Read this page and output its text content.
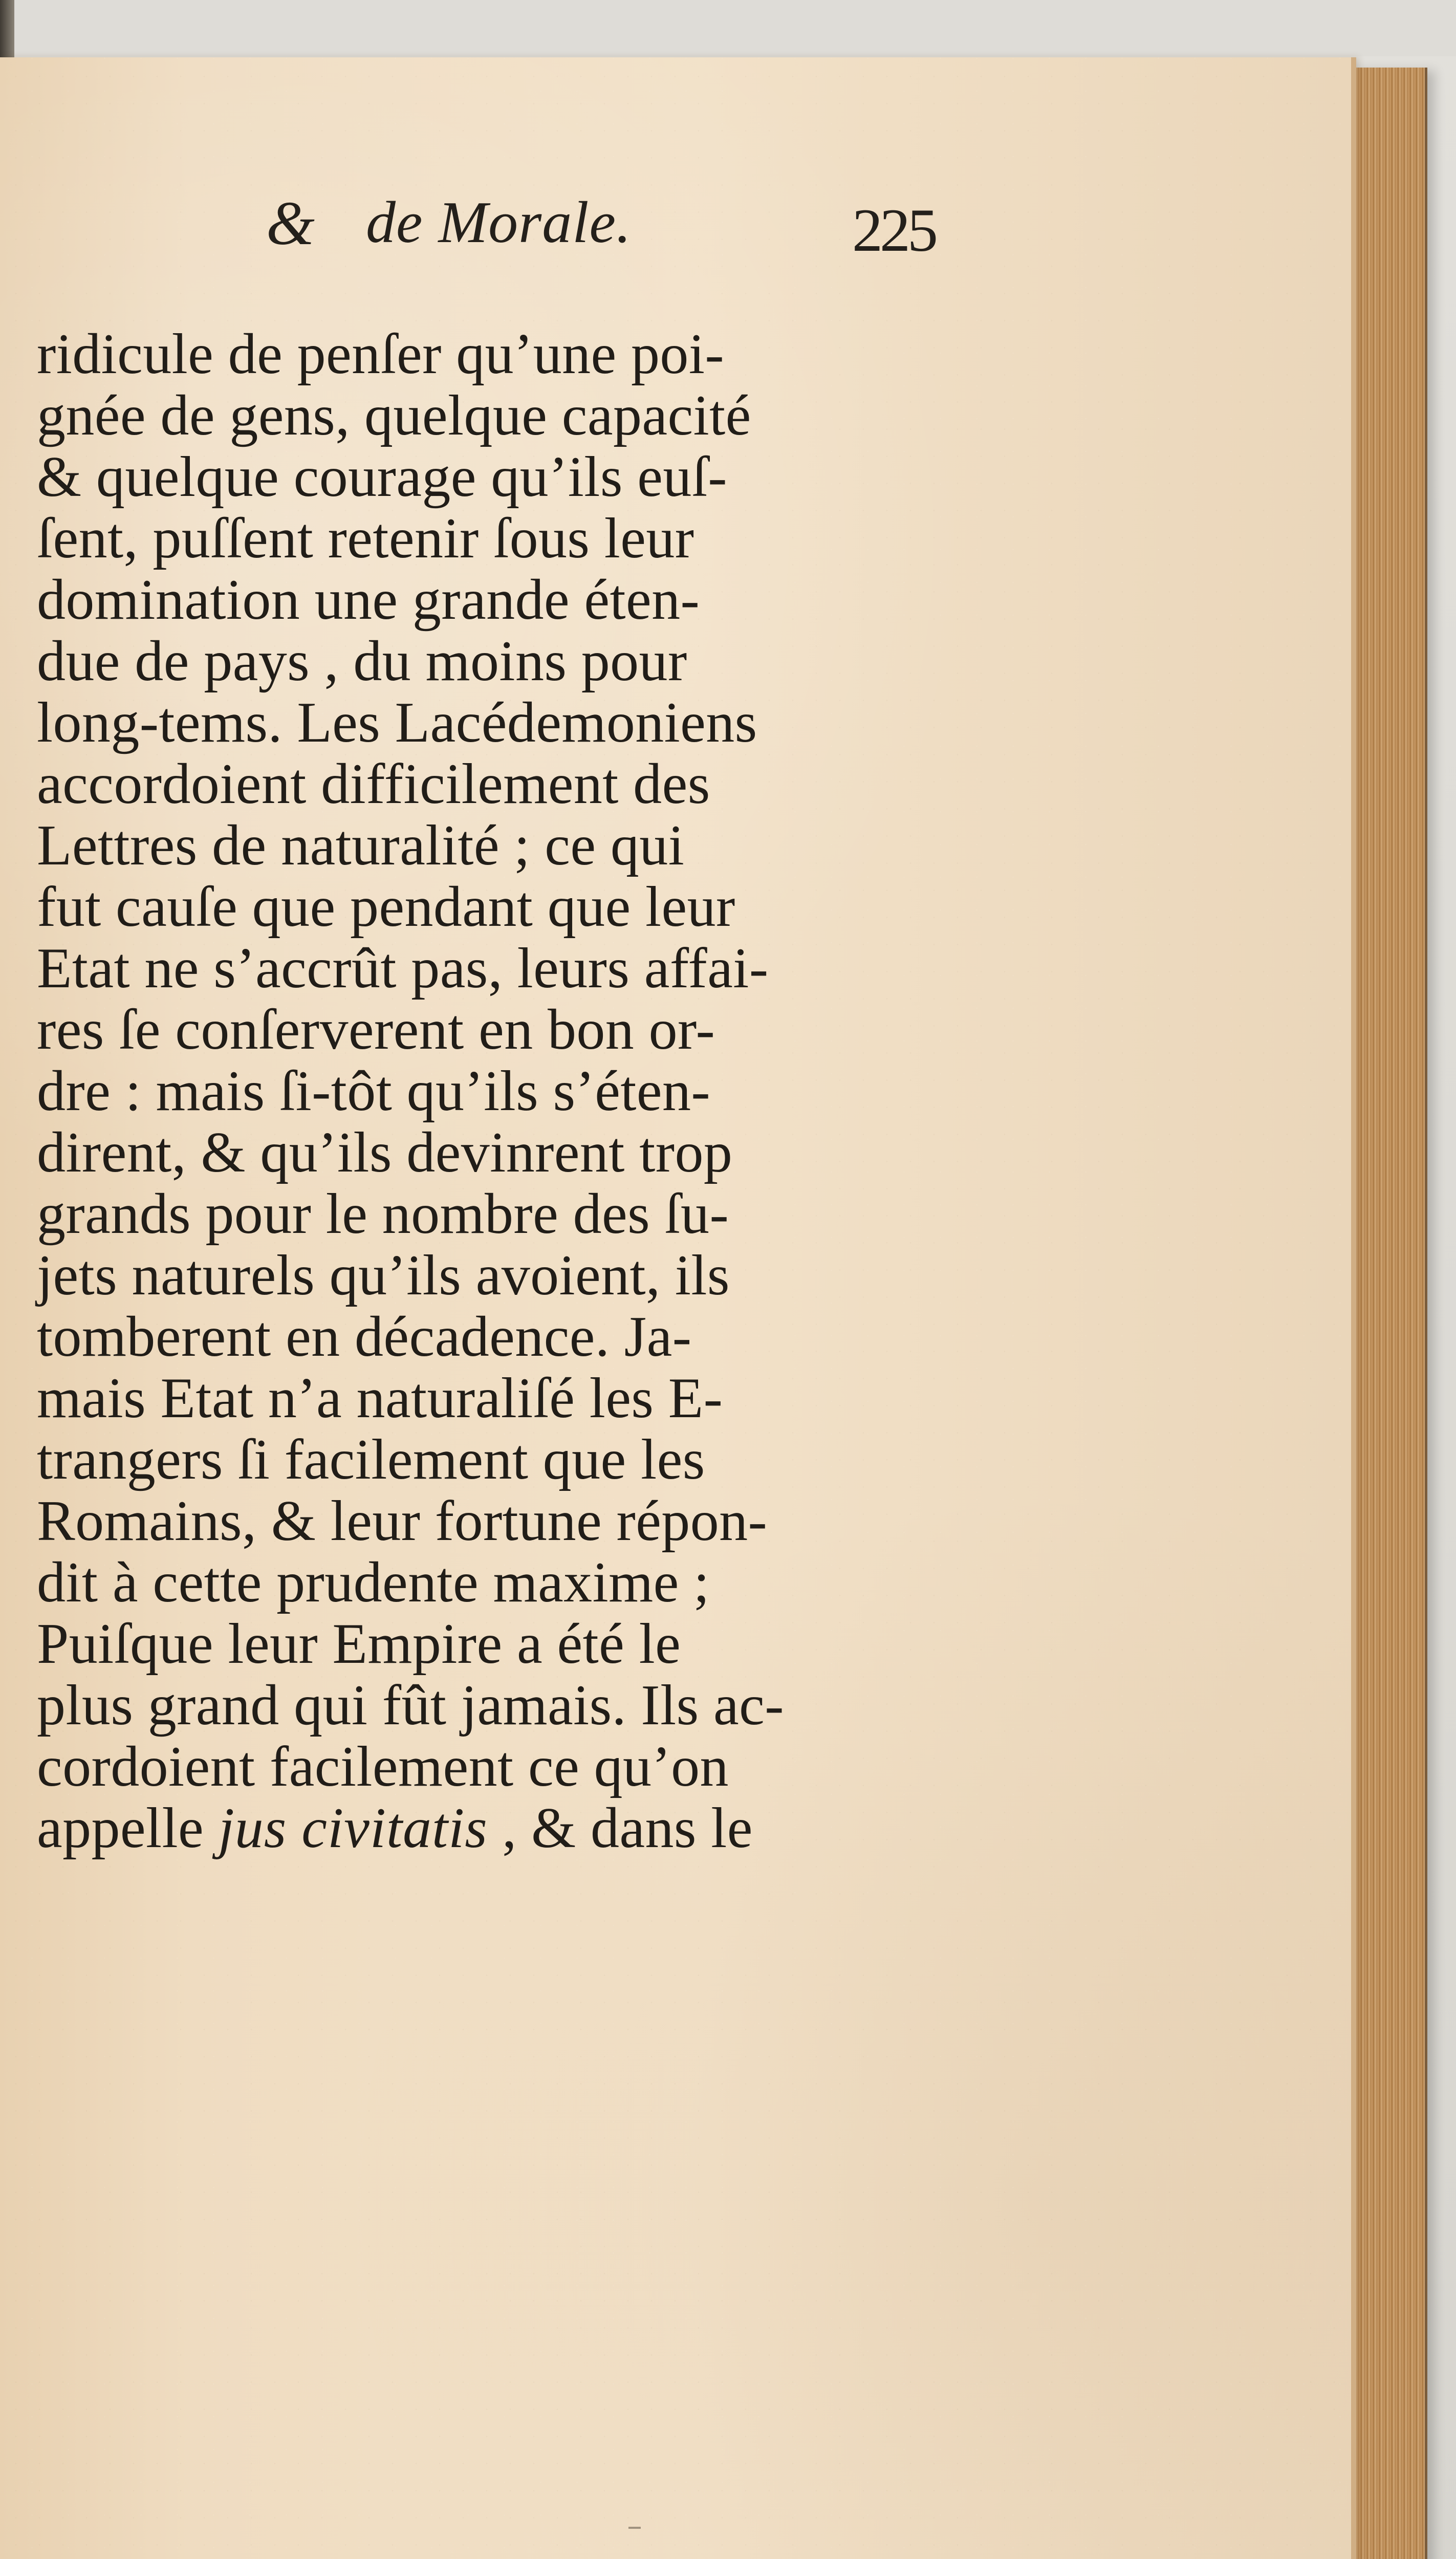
& de Morale.	225
ridicule de penſer qu’une poi-
gnée de gens, quelque capacité
& quelque courage qu’ils euſ-
ſent, puſſent retenir ſous leur
domination une grande éten-
due de pays , du moins pour
long-tems. Les Lacédemoniens
accordoient difficilement des
Lettres de naturalité ; ce qui
fut cauſe que pendant que leur
Etat ne s’accrût pas, leurs affai-
res ſe conſerverent en bon or-
dre : mais ſi-tôt qu’ils s’éten-
dirent, & qu’ils devinrent trop
grands pour le nombre des ſu-
jets naturels qu’ils avoient, ils
tomberent en décadence. Ja-
mais Etat n’a naturaliſé les E-
trangers ſi facilement que les
Romains, & leur fortune répon-
dit à cette prudente maxime ;
Puiſque leur Empire a été le
plus grand qui fût jamais. Ils ac-
cordoient facilement ce qu’on
appelle jus civitatis , & dans le
